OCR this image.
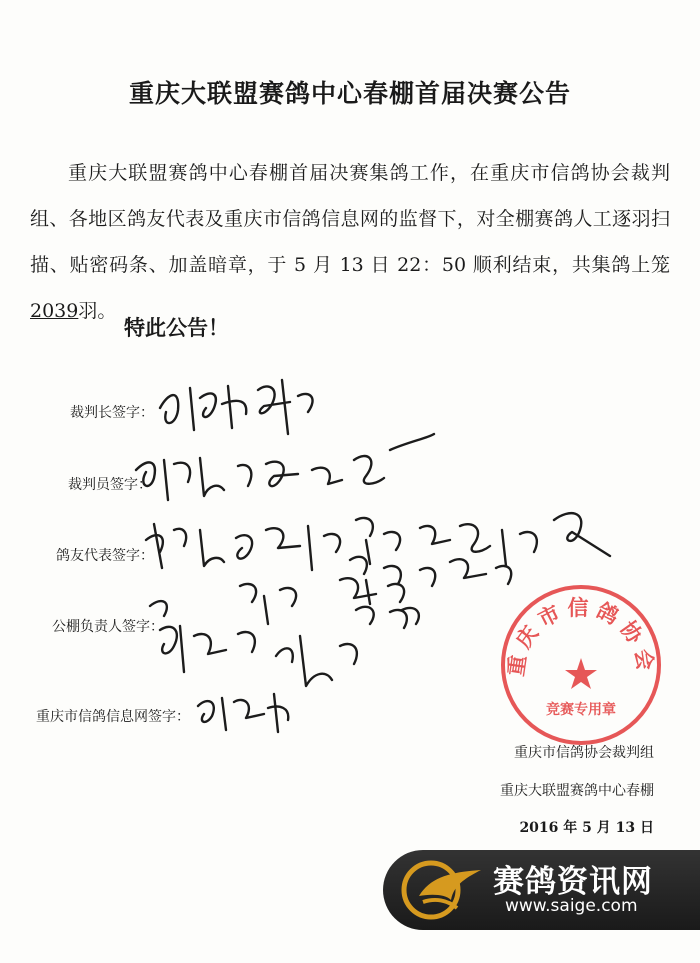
重庆大联盟赛鸽中心春棚首届决赛公告
重庆大联盟赛鸽中心春棚首届决赛集鸽工作，在重庆市信鸽协会裁判组、各地区鸽友代表及重庆市信鸽信息网的监督下，对全棚赛鸽人工逐羽扫描、贴密码条、加盖暗章，于 5 月 13 日 22：50 顺利结束，共集鸽上笼2039羽。
特此公告！
裁判长签字：
裁判员签字：
鸽友代表签字：
公棚负责人签字：
重庆市信鸽信息网签字：
重庆市信鸽协会
竞赛专用章
重庆市信鸽协会裁判组
重庆大联盟赛鸽中心春棚
2016 年 5 月 13 日
赛鸽资讯网
www.saige.com
